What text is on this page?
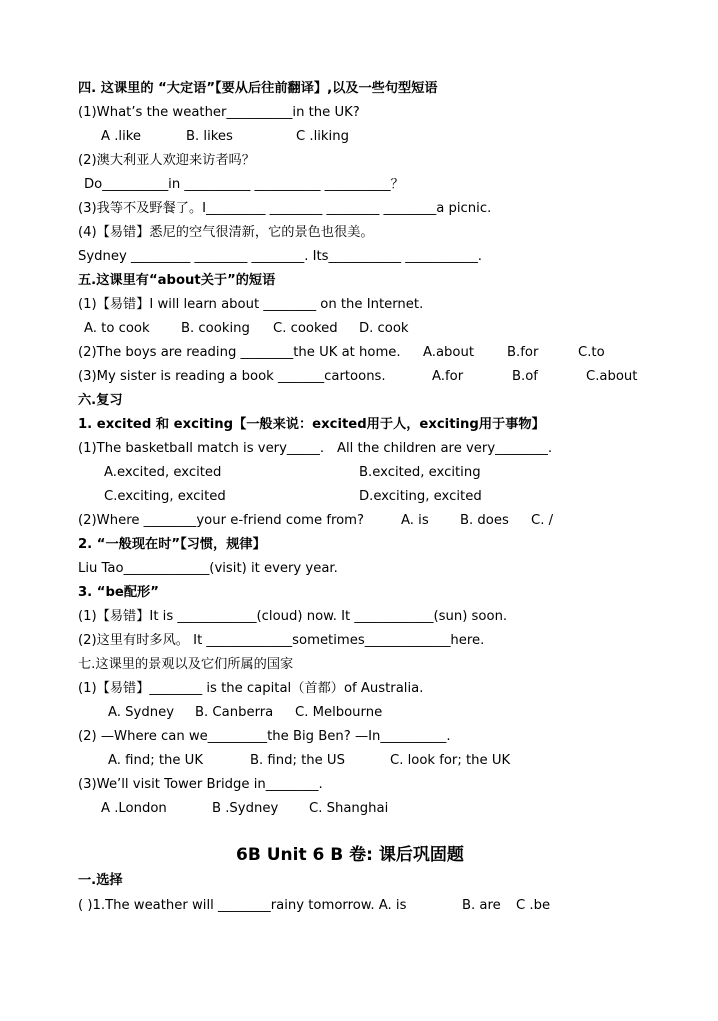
四. 这课里的 “大定语”【要从后往前翻译】,以及一些句型短语
(1)What’s the weather__________in the UK?
A .like	B. likes	C .liking
(2)澳大利亚人欢迎来访者吗？
Do__________in __________ __________ __________？
(3)我等不及野餐了。I_________ ________ ________ ________a picnic.
(4)【易错】悉尼的空气很清新，它的景色也很美。
Sydney _________ ________ ________. Its___________ ___________.
五.这课里有“about关于”的短语
(1)【易错】I will learn about ________ on the Internet.
A. to cook B. cooking C. cooked D. cook
(2)The boys are reading ________the UK at home. A.about B.for	C.to
(3)My sister is reading a book _______cartoons.	A.for	B.of	C.about
六.复习
1. excited 和 exciting【一般来说：excited用于人，exciting用于事物】
(1)The basketball match is very_____. All the children are very________.
A.excited, excited	B.excited, exciting
C.exciting, excited	D.exciting, excited
(2)Where ________your e-friend come from?	A. is B. does C. /
2. “一般现在时”【习惯，规律】
Liu Tao_____________(visit) it every year.
3. “be配形”
(1)【易错】It is ____________(cloud) now. It ____________(sun) soon.
(2)这里有时多风。 It _____________sometimes_____________here.
七.这课里的景观以及它们所属的国家
(1)【易错】________ is the capital（首都）of Australia.
A. Sydney B. Canberra C. Melbourne
(2) —Where can we_________the Big Ben? —In__________.
A. find; the UK	B. find; the US	C. look for; the UK
(3)We’ll visit Tower Bridge in________.
A .London	B .Sydney C. Shanghai
6B Unit 6 B 卷: 课后巩固题
一.选择
( )1.The weather will ________rainy tomorrow. A. is	B. are C .be
